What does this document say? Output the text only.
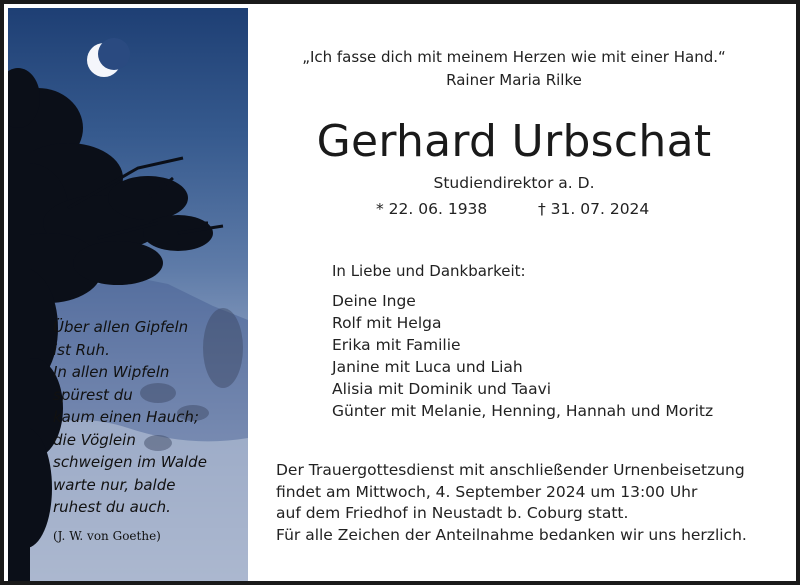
Über allen Gipfeln
ist Ruh.
In allen Wipfeln
spürest du
kaum einen Hauch;
die Vöglein
schweigen im Walde
warte nur, balde
ruhest du auch.
(J. W. von Goethe)
„Ich fasse dich mit meinem Herzen wie mit einer Hand.“
Rainer Maria Rilke
Gerhard Urbschat
Studiendirektor a. D.
* 22. 06. 1938	† 31. 07. 2024
In Liebe und Dankbarkeit:
Deine Inge
Rolf mit Helga
Erika mit Familie
Janine mit Luca und Liah
Alisia mit Dominik und Taavi
Günter mit Melanie, Henning, Hannah und Moritz
Der Trauergottesdienst mit anschließender Urnenbeisetzung
findet am Mittwoch, 4. September 2024 um 13:00 Uhr
auf dem Friedhof in Neustadt b. Coburg statt.
Für alle Zeichen der Anteilnahme bedanken wir uns herzlich.
